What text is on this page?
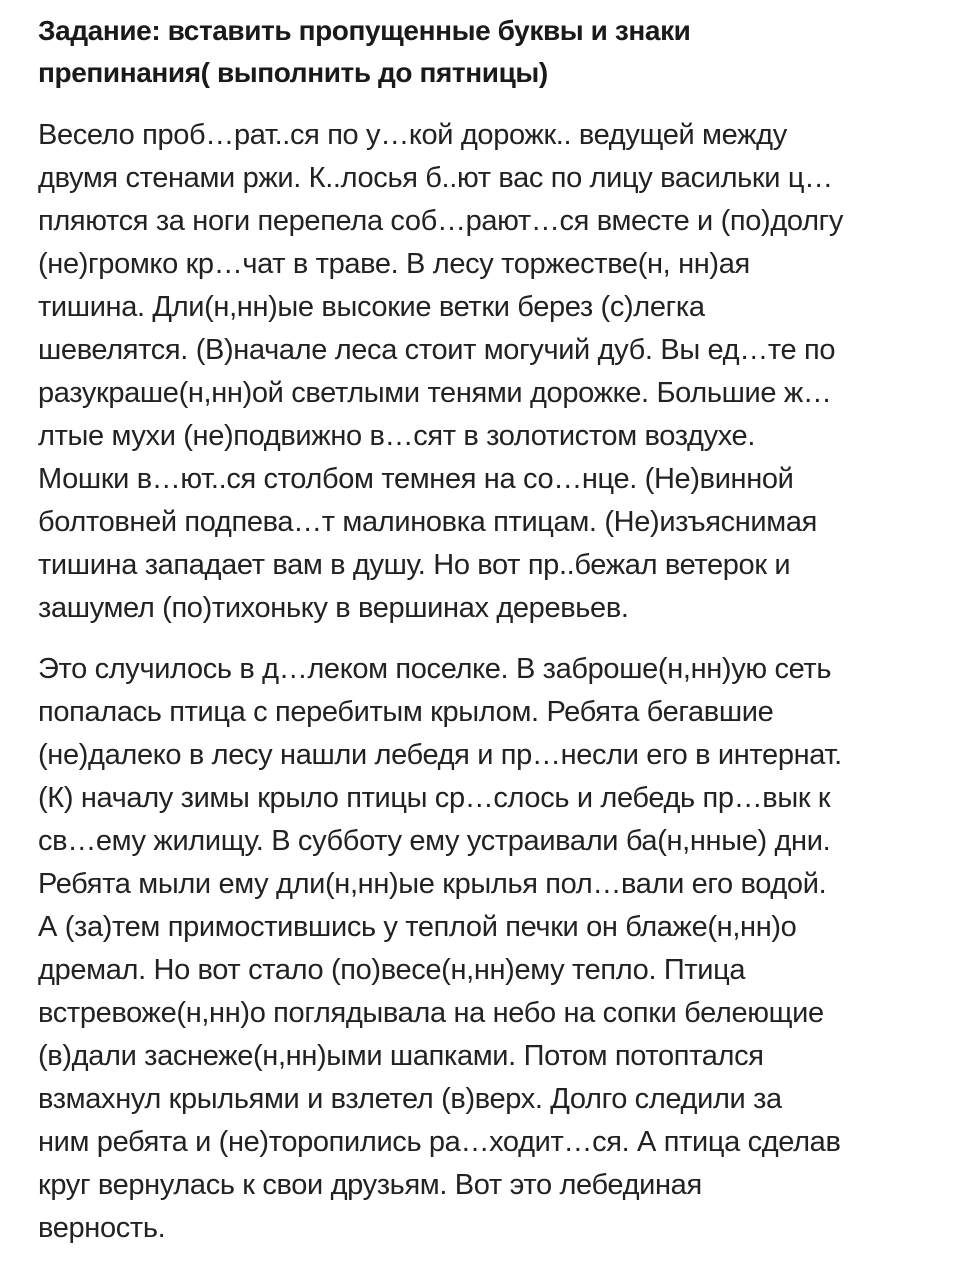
Задание: вставить пропущенные буквы и знаки
препинания( выполнить до пятницы)

Весело проб…рат..ся по у…кой дорожк.. ведущей между
двумя стенами ржи. К..лосья б..ют вас по лицу васильки ц…
пляются за ноги перепела соб…рают…ся вместе и (по)долгу
(не)громко кр…чат в траве. В лесу торжестве(н, нн)ая
тишина. Дли(н,нн)ые высокие ветки берез (с)легка
шевелятся. (В)начале леса стоит могучий дуб. Вы ед…те по
разукраше(н,нн)ой светлыми тенями дорожке. Большие ж…
лтые мухи (не)подвижно в…сят в золотистом воздухе.
Мошки в…ют..ся столбом темнея на со…нце. (Не)винной
болтовней подпева…т малиновка птицам. (Не)изъяснимая
тишина западает вам в душу. Но вот пр..бежал ветерок и
зашумел (по)тихоньку в вершинах деревьев.

Это случилось в д…леком поселке. В заброше(н,нн)ую сеть
попалась птица с перебитым крылом. Ребята бегавшие
(не)далеко в лесу нашли лебедя и пр…несли его в интернат.
(К) началу зимы крыло птицы ср…слось и лебедь пр…вык к
св…ему жилищу. В субботу ему устраивали ба(н,нные) дни.
Ребята мыли ему дли(н,нн)ые крылья пол…вали его водой.
А (за)тем примостившись у теплой печки он блаже(н,нн)о
дремал. Но вот стало (по)весе(н,нн)ему тепло. Птица
встревоже(н,нн)о поглядывала на небо на сопки белеющие
(в)дали заснеже(н,нн)ыми шапками. Потом потоптался
взмахнул крыльями и взлетел (в)верх. Долго следили за
ним ребята и (не)торопились ра…ходит…ся. А птица сделав
круг вернулась к свои друзьям. Вот это лебединая
верность.
